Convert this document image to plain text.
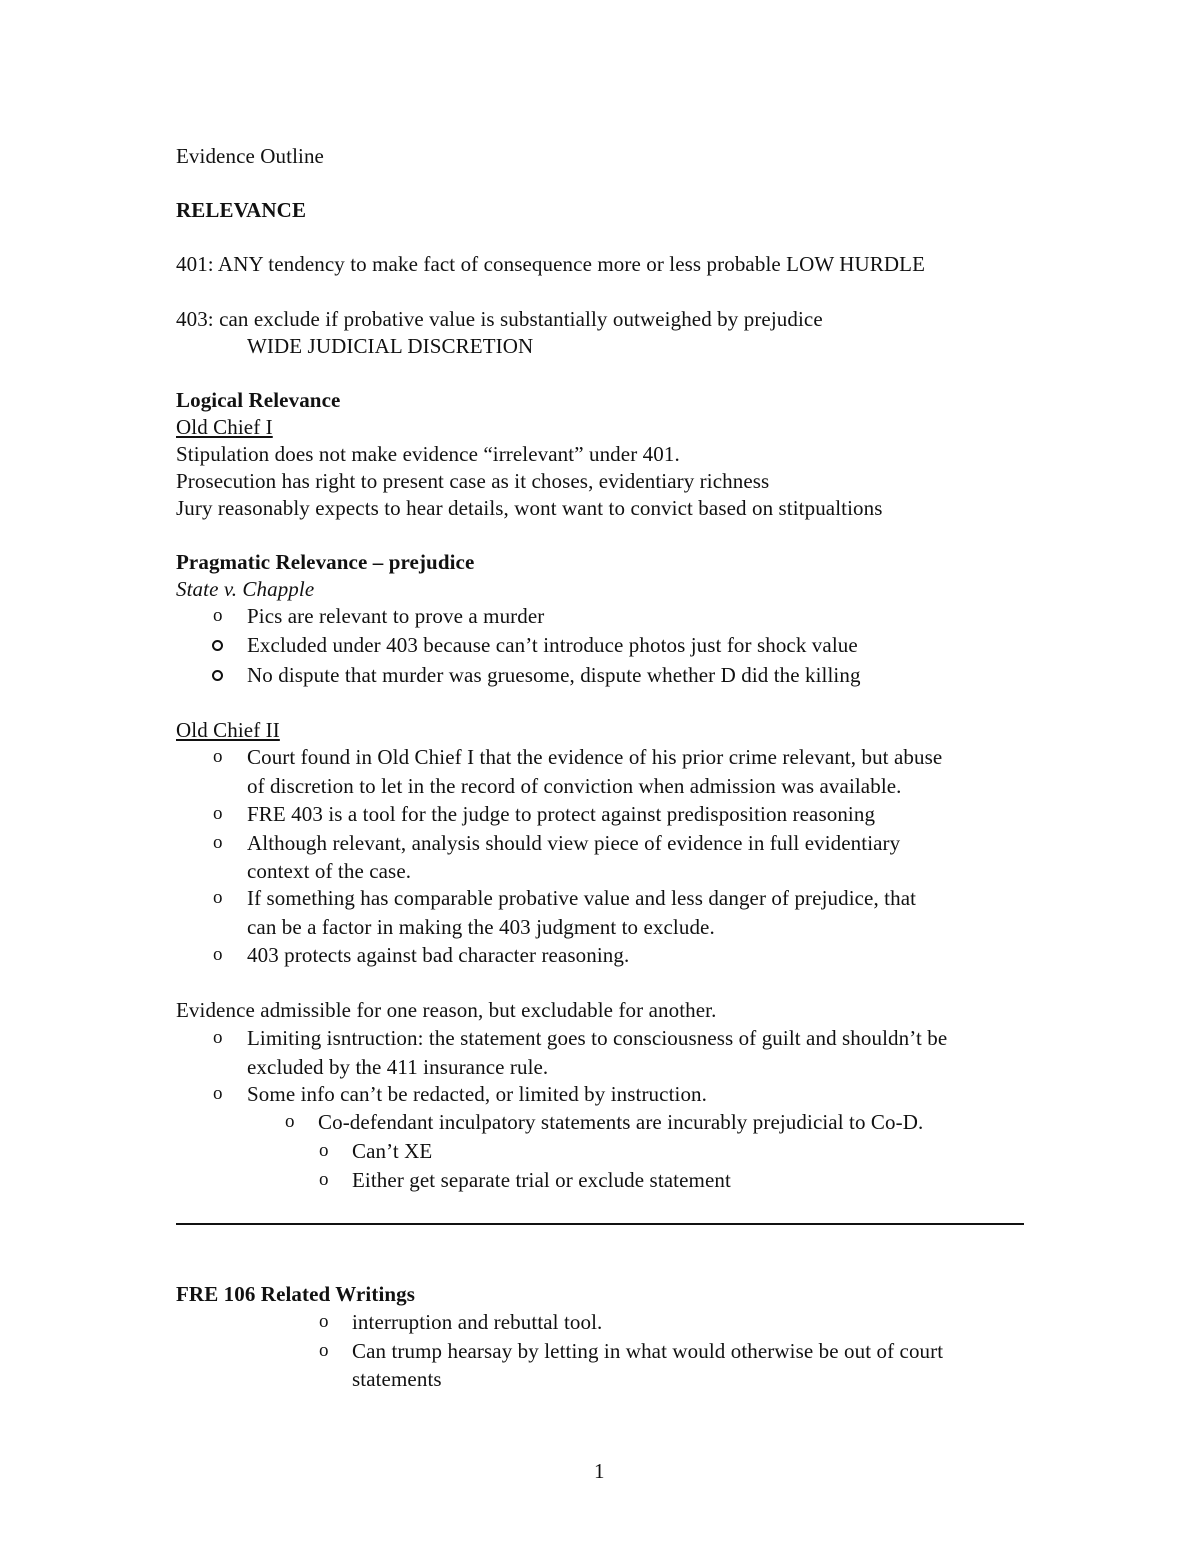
Evidence Outline
RELEVANCE
401: ANY tendency to make fact of consequence more or less probable LOW HURDLE
403: can exclude if probative value is substantially outweighed by prejudice
WIDE JUDICIAL DISCRETION
Logical Relevance
Old Chief I
Stipulation does not make evidence “irrelevant” under 401.
Prosecution has right to present case as it choses, evidentiary richness
Jury reasonably expects to hear details, wont want to convict based on stitpualtions
Pragmatic Relevance – prejudice
State v. Chapple
o Pics are relevant to prove a murder
Excluded under 403 because can’t introduce photos just for shock value
No dispute that murder was gruesome, dispute whether D did the killing
Old Chief II
o Court found in Old Chief I that the evidence of his prior crime relevant, but abuse
of discretion to let in the record of conviction when admission was available.
o FRE 403 is a tool for the judge to protect against predisposition reasoning
o Although relevant, analysis should view piece of evidence in full evidentiary
context of the case.
o If something has comparable probative value and less danger of prejudice, that
can be a factor in making the 403 judgment to exclude.
o 403 protects against bad character reasoning.
Evidence admissible for one reason, but excludable for another.
o Limiting isntruction: the statement goes to consciousness of guilt and shouldn’t be
excluded by the 411 insurance rule.
o Some info can’t be redacted, or limited by instruction.
o Co-defendant inculpatory statements are incurably prejudicial to Co-D.
o Can’t XE
o Either get separate trial or exclude statement
FRE 106 Related Writings
o interruption and rebuttal tool.
o Can trump hearsay by letting in what would otherwise be out of court
statements
1
